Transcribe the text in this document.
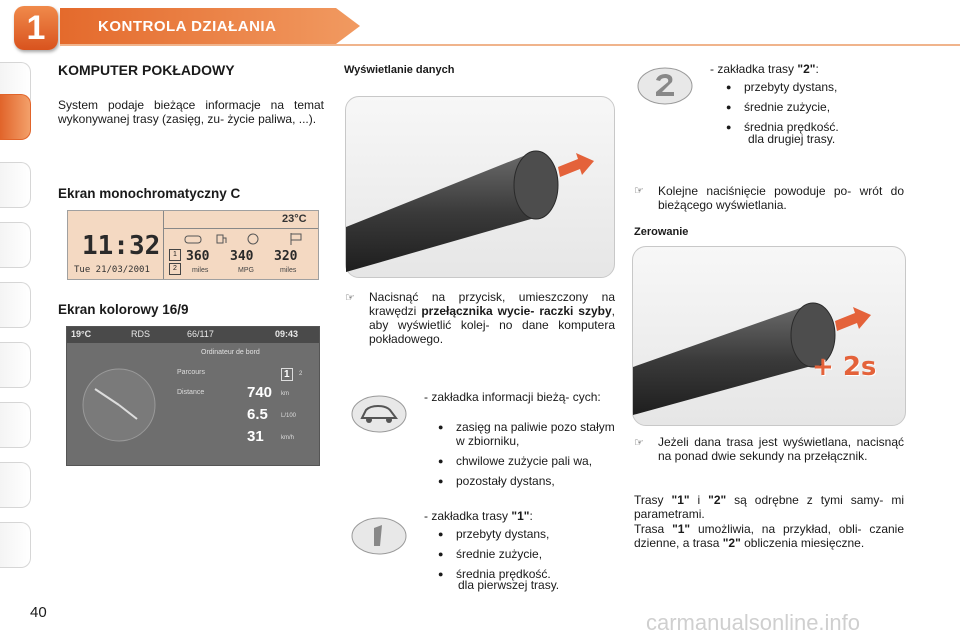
1	KONTROLA DZIAŁANIA
KOMPUTER POKŁADOWY
System podaje bieżące informacje na temat wykonywanej trasy (zasięg, zu- życie paliwa, ...).
Ekran monochromatyczny C
23°C
11:32
Tue 21/03/2001
1
2
360 340 320
miles	MPG	miles
Ekran kolorowy 16/9
19°C	RDS	66/117	09:43
Ordinateur de bord
Parcours	1	2
Distance	740 km
6.5 L/100
31	km/h
Wyświetlanie danych
☞ Nacisnąć na przycisk, umieszczony na krawędzi przełącznika wycie- raczki szyby, aby wyświetlić kolej- no dane komputera pokładowego.
- zakładka informacji bieżą- cych:
● zasięg na paliwie pozo stałym w zbiorniku,
● chwilowe zużycie pali wa,
● pozostały dystans,
- zakładka trasy "1":
● przebyty dystans,
● średnie zużycie,
● średnia prędkość.
dla pierwszej trasy.
- zakładka trasy "2":
● przebyty dystans,
● średnie zużycie,
● średnia prędkość.
dla drugiej trasy.
☞ Kolejne naciśnięcie powoduje po- wrót do bieżącego wyświetlania.
Zerowanie
+ 2s
☞ Jeżeli dana trasa jest wyświetlana, nacisnąć na ponad dwie sekundy na przełącznik.
Trasy "1" i "2" są odrębne z tymi samy- mi parametrami.
Trasa "1" umożliwia, na przykład, obli- czanie dzienne, a trasa "2" obliczenia miesięczne.
40	carmanualsonline.info
